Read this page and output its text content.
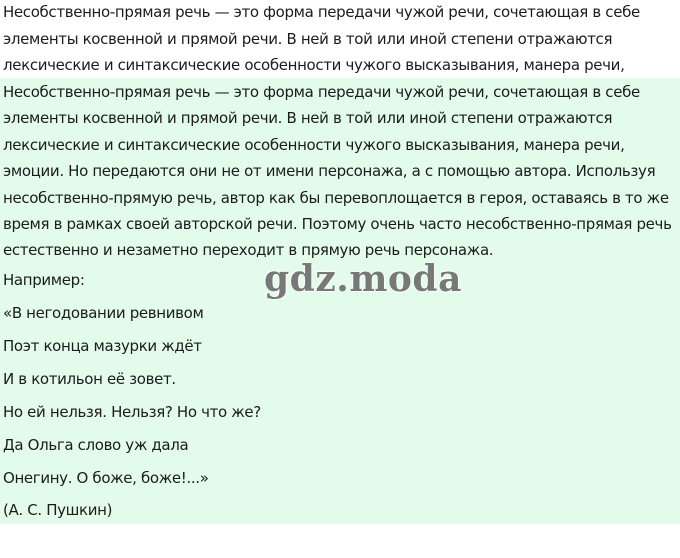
Несобственно-прямая речь — это форма передачи чужой речи, сочетающая в себе
элементы косвенной и прямой речи. В ней в той или иной степени отражаются
лексические и синтаксические особенности чужого высказывания, манера речи,
Несобственно-прямая речь — это форма передачи чужой речи, сочетающая в себе
элементы косвенной и прямой речи. В ней в той или иной степени отражаются
лексические и синтаксические особенности чужого высказывания, манера речи,
эмоции. Но передаются они не от имени персонажа, а с помощью автора. Используя
несобственно-прямую речь, автор как бы перевоплощается в героя, оставаясь в то же
время в рамках своей авторской речи. Поэтому очень часто несобственно-прямая речь
естественно и незаметно переходит в прямую речь персонажа.
Например:
«В негодовании ревнивом
Поэт конца мазурки ждёт
И в котильон её зовет.
Но ей нельзя. Нельзя? Но что же?
Да Ольга слово уж дала
Онегину. О боже, боже!...»
(А. С. Пушкин)
gdz.moda
